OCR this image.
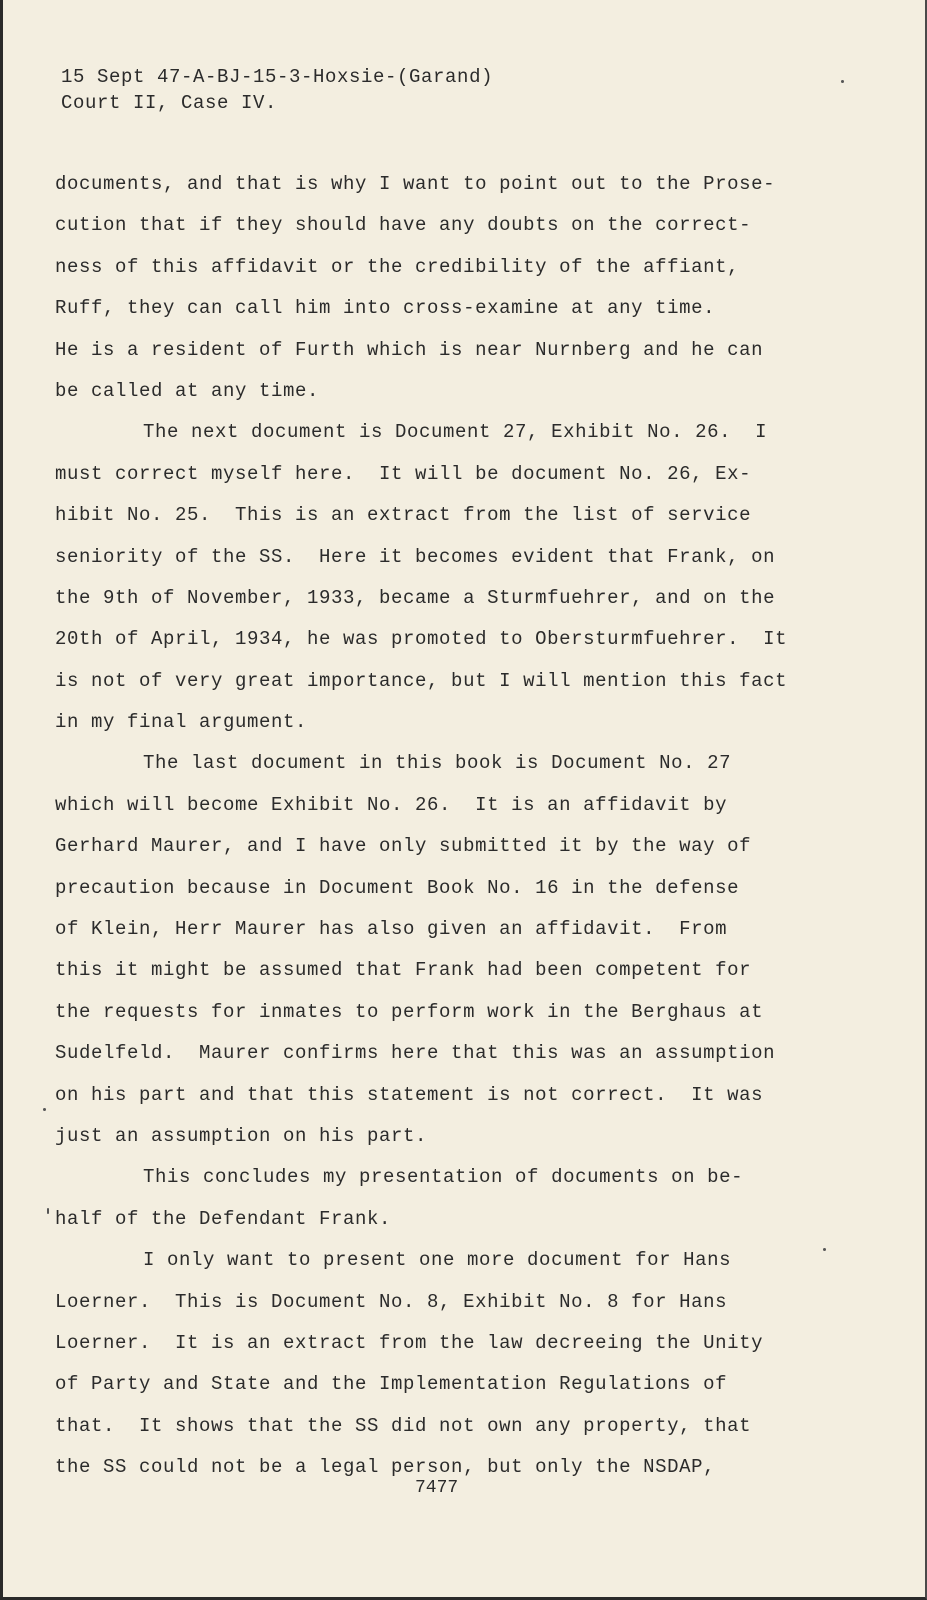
15 Sept 47-A-BJ-15-3-Hoxsie-(Garand)
Court II, Case IV.
documents, and that is why I want to point out to the Prose-
cution that if they should have any doubts on the correct-
ness of this affidavit or the credibility of the affiant,
Ruff, they can call him into cross-examine at any time.
He is a resident of Furth which is near Nurnberg and he can
be called at any time.
The next document is Document 27, Exhibit No. 26.  I
must correct myself here.  It will be document No. 26, Ex-
hibit No. 25.  This is an extract from the list of service
seniority of the SS.  Here it becomes evident that Frank, on
the 9th of November, 1933, became a Sturmfuehrer, and on the
20th of April, 1934, he was promoted to Obersturmfuehrer.  It
is not of very great importance, but I will mention this fact
in my final argument.
The last document in this book is Document No. 27
which will become Exhibit No. 26.  It is an affidavit by
Gerhard Maurer, and I have only submitted it by the way of
precaution because in Document Book No. 16 in the defense
of Klein, Herr Maurer has also given an affidavit.  From
this it might be assumed that Frank had been competent for
the requests for inmates to perform work in the Berghaus at
Sudelfeld.  Maurer confirms here that this was an assumption
on his part and that this statement is not correct.  It was
just an assumption on his part.
This concludes my presentation of documents on be-
half of the Defendant Frank.
I only want to present one more document for Hans
Loerner.  This is Document No. 8, Exhibit No. 8 for Hans
Loerner.  It is an extract from the law decreeing the Unity
of Party and State and the Implementation Regulations of
that.  It shows that the SS did not own any property, that
the SS could not be a legal person, but only the NSDAP,
7477
